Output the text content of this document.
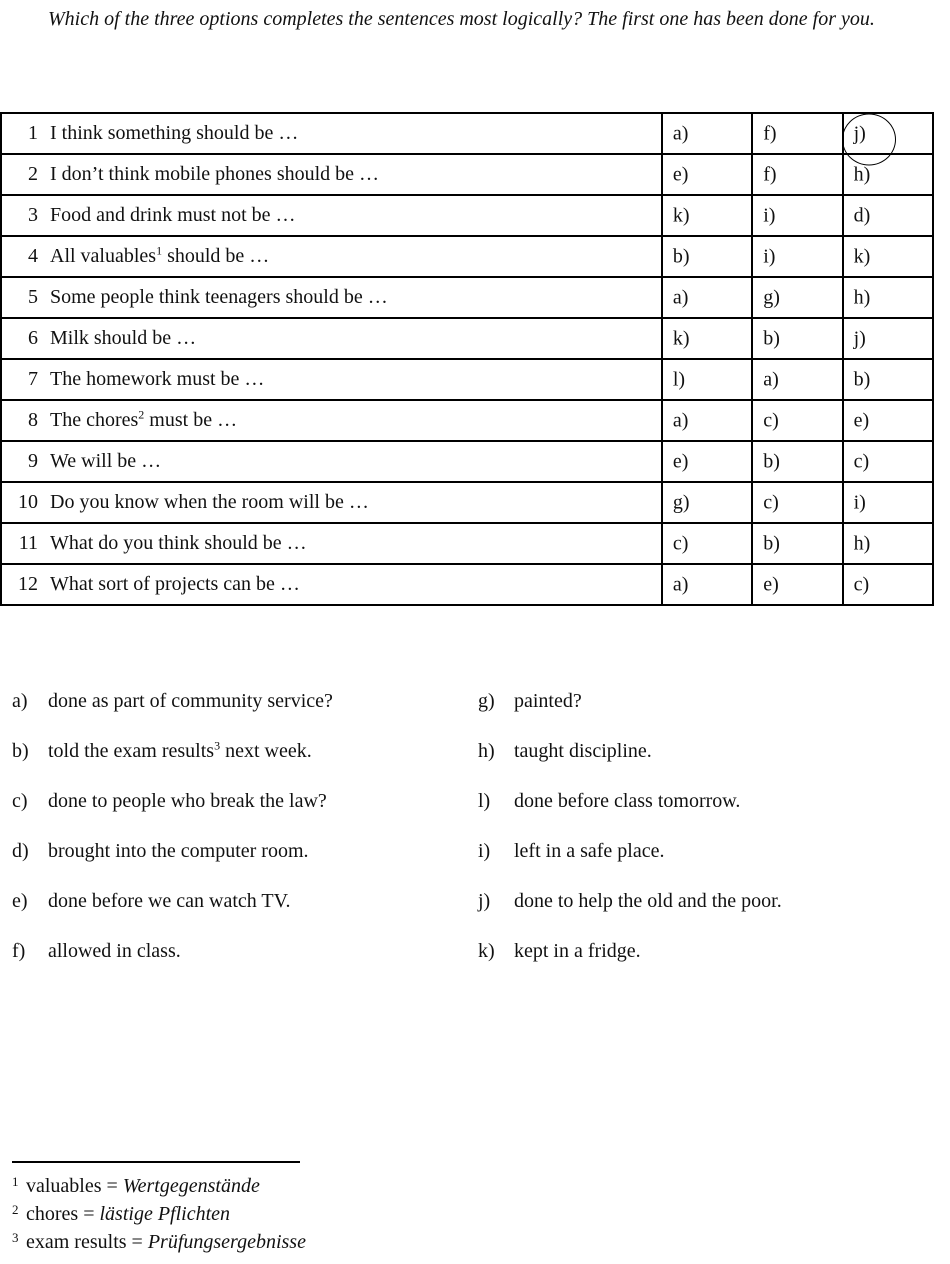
Which of the three options completes the sentences most logically? The first one has been done for you.
1 I think something should be …	a)	f)	j)

2 I don’t think mobile phones should be …	e)	f)	h)

3 Food and drink must not be …	k)	i)	d)

4 All valuables$^1$ should be …	b)	i)	k)

5 Some people think teenagers should be …	a)	g)	h)

6 Milk should be …	k)	b)	j)

7 The homework must be …	l)	a)	b)

8 The chores$^2$ must be …	a)	c)	e)

9 We will be …	e)	b)	c)

10 Do you know when the room will be …	g)	c)	i)

11 What do you think should be …	c)	b)	h)

12 What sort of projects can be …	a)	e)	c)
a) done as part of community service?
b) told the exam results$^3$ next week.
c) done to people who break the law?
d) brought into the computer room.
e) done before we can watch TV.
f) allowed in class.
g) painted?
h) taught discipline.
l) done before class tomorrow.
i) left in a safe place.
j) done to help the old and the poor.
k) kept in a fridge.
1 valuables = Wertgegenstände
2 chores = lästige Pflichten
3 exam results = Prüfungsergebnisse
